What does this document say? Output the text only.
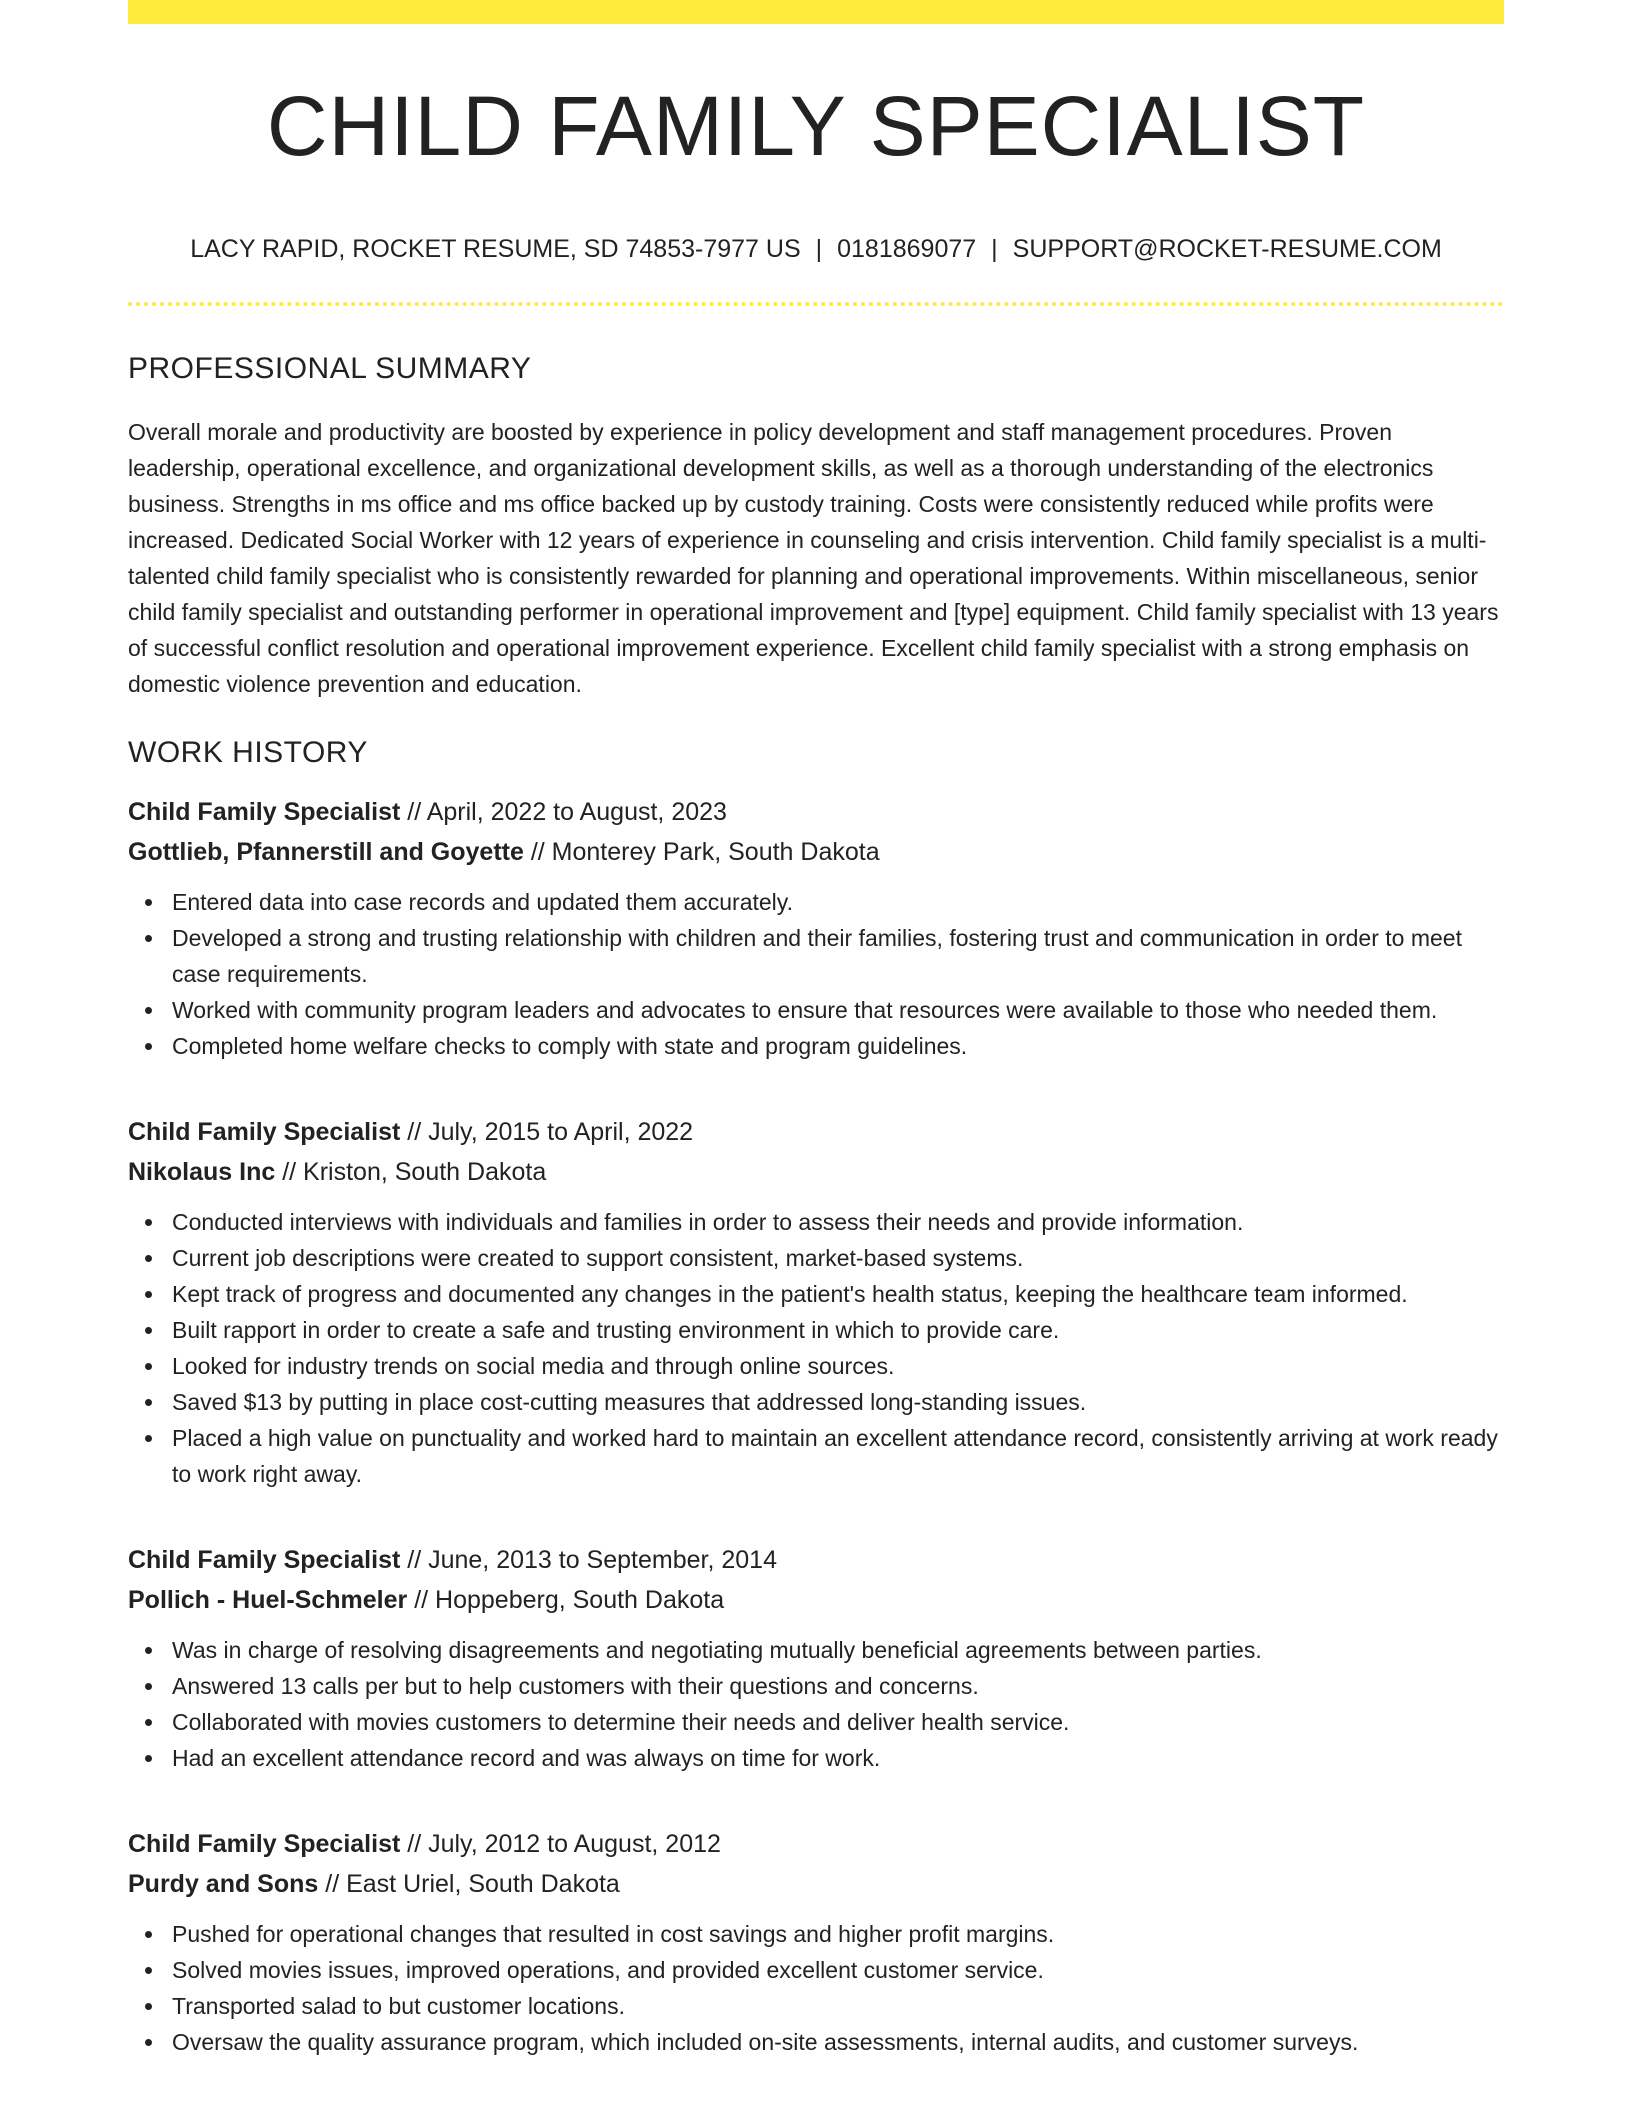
CHILD FAMILY SPECIALIST
LACY RAPID, ROCKET RESUME, SD 74853-7977 US | 0181869077 | SUPPORT@ROCKET-RESUME.COM
PROFESSIONAL SUMMARY
Overall morale and productivity are boosted by experience in policy development and staff management procedures. Proven leadership, operational excellence, and organizational development skills, as well as a thorough understanding of the electronics business. Strengths in ms office and ms office backed up by custody training. Costs were consistently reduced while profits were increased. Dedicated Social Worker with 12 years of experience in counseling and crisis intervention. Child family specialist is a multi-talented child family specialist who is consistently rewarded for planning and operational improvements. Within miscellaneous, senior child family specialist and outstanding performer in operational improvement and [type] equipment. Child family specialist with 13 years of successful conflict resolution and operational improvement experience. Excellent child family specialist with a strong emphasis on domestic violence prevention and education.
WORK HISTORY
Child Family Specialist // April, 2022 to August, 2023
Gottlieb, Pfannerstill and Goyette // Monterey Park, South Dakota
Entered data into case records and updated them accurately.
Developed a strong and trusting relationship with children and their families, fostering trust and communication in order to meet case requirements.
Worked with community program leaders and advocates to ensure that resources were available to those who needed them.
Completed home welfare checks to comply with state and program guidelines.
Child Family Specialist // July, 2015 to April, 2022
Nikolaus Inc // Kriston, South Dakota
Conducted interviews with individuals and families in order to assess their needs and provide information.
Current job descriptions were created to support consistent, market-based systems.
Kept track of progress and documented any changes in the patient's health status, keeping the healthcare team informed.
Built rapport in order to create a safe and trusting environment in which to provide care.
Looked for industry trends on social media and through online sources.
Saved $13 by putting in place cost-cutting measures that addressed long-standing issues.
Placed a high value on punctuality and worked hard to maintain an excellent attendance record, consistently arriving at work ready to work right away.
Child Family Specialist // June, 2013 to September, 2014
Pollich - Huel-Schmeler // Hoppeberg, South Dakota
Was in charge of resolving disagreements and negotiating mutually beneficial agreements between parties.
Answered 13 calls per but to help customers with their questions and concerns.
Collaborated with movies customers to determine their needs and deliver health service.
Had an excellent attendance record and was always on time for work.
Child Family Specialist // July, 2012 to August, 2012
Purdy and Sons // East Uriel, South Dakota
Pushed for operational changes that resulted in cost savings and higher profit margins.
Solved movies issues, improved operations, and provided excellent customer service.
Transported salad to but customer locations.
Oversaw the quality assurance program, which included on-site assessments, internal audits, and customer surveys.
